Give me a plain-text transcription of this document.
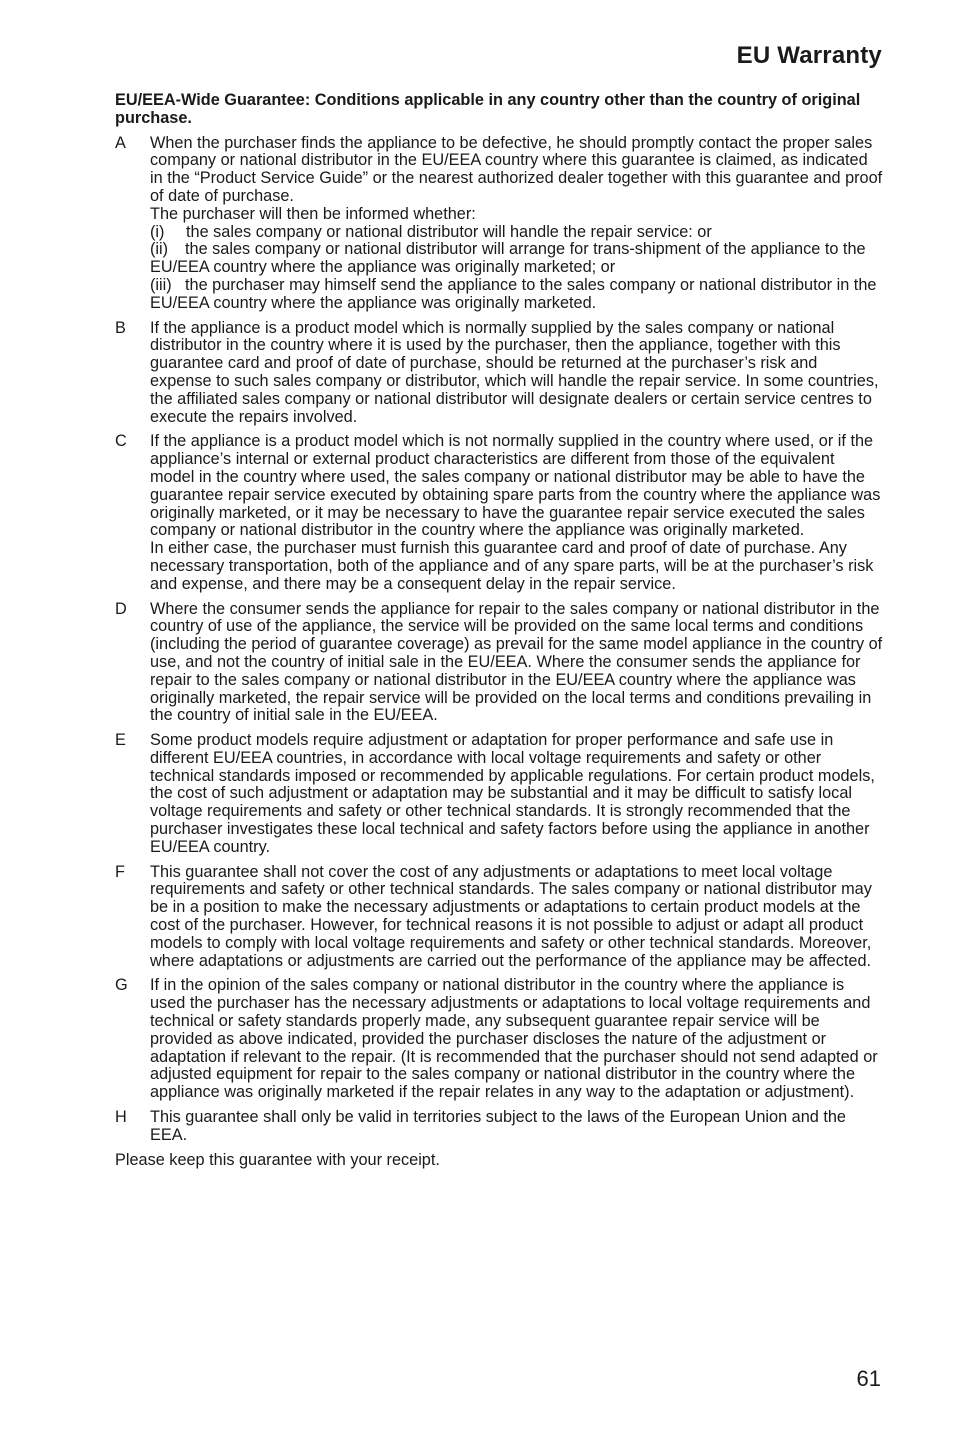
EU Warranty

EU/EEA-Wide Guarantee: Conditions applicable in any country other than the country of original purchase.

A	When the purchaser finds the appliance to be defective, he should promptly contact the proper sales company or national distributor in the EU/EEA country where this guarantee is claimed, as indicated in the “Product Service Guide” or the nearest authorized dealer together with this guarantee and proof of date of purchase.

The purchaser will then be informed whether:

(i) the sales company or national distributor will handle the repair service: or

(ii) the sales company or national distributor will arrange for trans-shipment of the appliance to the EU/EEA country where the appliance was originally marketed; or

(iii) the purchaser may himself send the appliance to the sales company or national distributor in the EU/EEA country where the appliance was originally marketed.

B	If the appliance is a product model which is normally supplied by the sales company or national distributor in the country where it is used by the purchaser, then the appliance, together with this guarantee card and proof of date of purchase, should be returned at the purchaser’s risk and expense to such sales company or distributor, which will handle the repair service. In some countries, the affiliated sales company or national distributor will designate dealers or certain service centres to execute the repairs involved.

C	If the appliance is a product model which is not normally supplied in the country where used, or if the appliance’s internal or external product characteristics are different from those of the equivalent model in the country where used, the sales company or national distributor may be able to have the guarantee repair service executed by obtaining spare parts from the country where the appliance was originally marketed, or it may be necessary to have the guarantee repair service executed the sales company or national distributor in the country where the appliance was originally marketed.

In either case, the purchaser must furnish this guarantee card and proof of date of purchase. Any necessary transportation, both of the appliance and of any spare parts, will be at the purchaser’s risk and expense, and there may be a consequent delay in the repair service.

D	Where the consumer sends the appliance for repair to the sales company or national distributor in the country of use of the appliance, the service will be provided on the same local terms and conditions (including the period of guarantee coverage) as prevail for the same model appliance in the country of use, and not the country of initial sale in the EU/EEA. Where the consumer sends the appliance for repair to the sales company or national distributor in the EU/EEA country where the appliance was originally marketed, the repair service will be provided on the local terms and conditions prevailing in the country of initial sale in the EU/EEA.

E	Some product models require adjustment or adaptation for proper performance and safe use in different EU/EEA countries, in accordance with local voltage requirements and safety or other technical standards imposed or recommended by applicable regulations. For certain product models, the cost of such adjustment or adaptation may be substantial and it may be difficult to satisfy local voltage requirements and safety or other technical standards. It is strongly recommended that the purchaser investigates these local technical and safety factors before using the appliance in another EU/EEA country.

F	This guarantee shall not cover the cost of any adjustments or adaptations to meet local voltage requirements and safety or other technical standards. The sales company or national distributor may be in a position to make the necessary adjustments or adaptations to certain product models at the cost of the purchaser. However, for technical reasons it is not possible to adjust or adapt all product models to comply with local voltage requirements and safety or other technical standards. Moreover, where adaptations or adjustments are carried out the performance of the appliance may be affected.

G	If in the opinion of the sales company or national distributor in the country where the appliance is used the purchaser has the necessary adjustments or adaptations to local voltage requirements and technical or safety standards properly made, any subsequent guarantee repair service will be provided as above indicated, provided the purchaser discloses the nature of the adjustment or adaptation if relevant to the repair. (It is recommended that the purchaser should not send adapted or adjusted equipment for repair to the sales company or national distributor in the country where the appliance was originally marketed if the repair relates in any way to the adaptation or adjustment).

H	This guarantee shall only be valid in territories subject to the laws of the European Union and the EEA.

Please keep this guarantee with your receipt.

61
